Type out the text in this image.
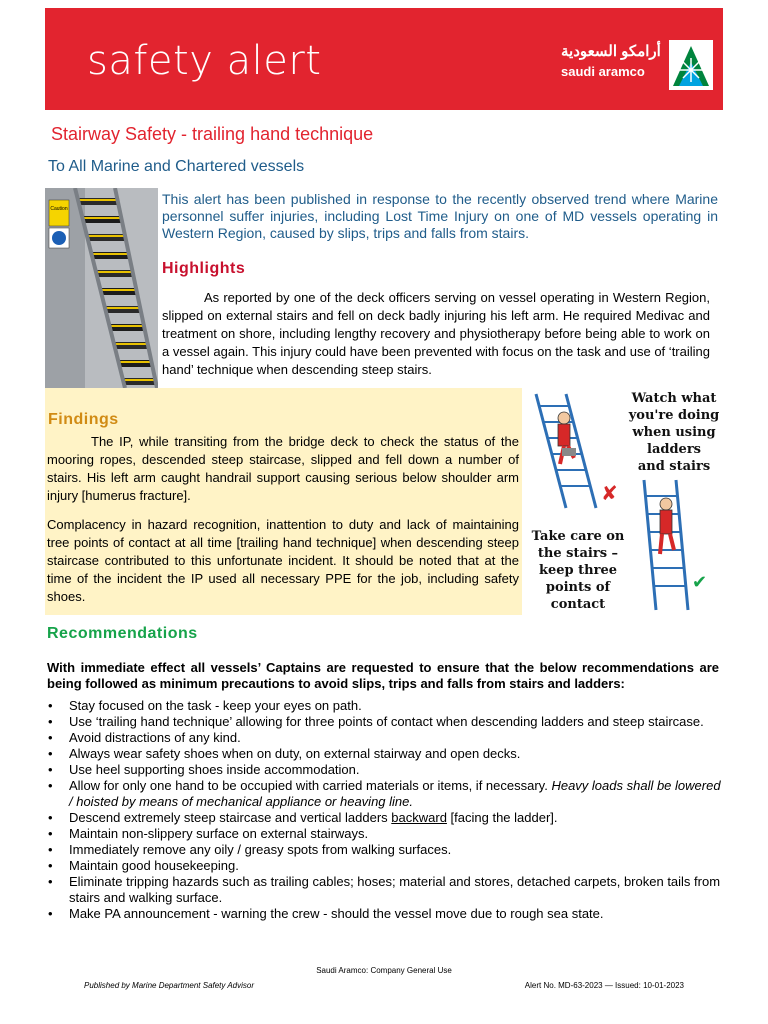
safety alert	أرامكو السعودية
saudi aramco
Stairway Safety - trailing hand technique
To All Marine and Chartered vessels
Caution
This alert has been published in response to the recently observed trend where Marine personnel suffer injuries, including Lost Time Injury on one of MD vessels operating in Western Region, caused by slips, trips and falls from stairs.
Highlights
As reported by one of the deck officers serving on vessel operating in Western Region, slipped on external stairs and fell on deck badly injuring his left arm. He required Medivac and treatment on shore, including lengthy recovery and physiotherapy before being able to work on a vessel again. This injury could have been prevented with focus on the task and use of ‘trailing hand’ technique when descending steep stairs.
Findings
The IP, while transiting from the bridge deck to check the status of the mooring ropes, descended steep staircase, slipped and fell down a number of stairs. His left arm caught handrail support causing serious below shoulder arm injury [humerus fracture].
Complacency in hazard recognition, inattention to duty and lack of maintaining tree points of contact at all time [trailing hand technique] when descending steep staircase contributed to this unfortunate incident. It should be noted that at the time of the incident the IP used all necessary PPE for the job, including safety shoes.
✘
✔
Watch what
you're doing
when using
ladders
and stairs
Take care on
the stairs –
keep three
points of
contact
Recommendations
With immediate effect all vessels’ Captains are requested to ensure that the below recommendations are being followed as minimum precautions to avoid slips, trips and falls from stairs and ladders:
• Stay focused on the task - keep your eyes on path.
• Use ‘trailing hand technique’ allowing for three points of contact when descending ladders and steep staircase.
• Avoid distractions of any kind.
• Always wear safety shoes when on duty, on external stairway and open decks.
• Use heel supporting shoes inside accommodation.
• Allow for only one hand to be occupied with carried materials or items, if necessary. Heavy loads shall be lowered / hoisted by means of mechanical appliance or heaving line.
• Descend extremely steep staircase and vertical ladders backward [facing the ladder].
• Maintain non-slippery surface on external stairways.
• Immediately remove any oily / greasy spots from walking surfaces.
• Maintain good housekeeping.
• Eliminate tripping hazards such as trailing cables; hoses; material and stores, detached carpets, broken tails from stairs and walking surface.
• Make PA announcement - warning the crew - should the vessel move due to rough sea state.
Saudi Aramco: Company General Use
Published by Marine Department Safety Advisor	Alert No. MD-63-2023 — Issued: 10-01-2023
